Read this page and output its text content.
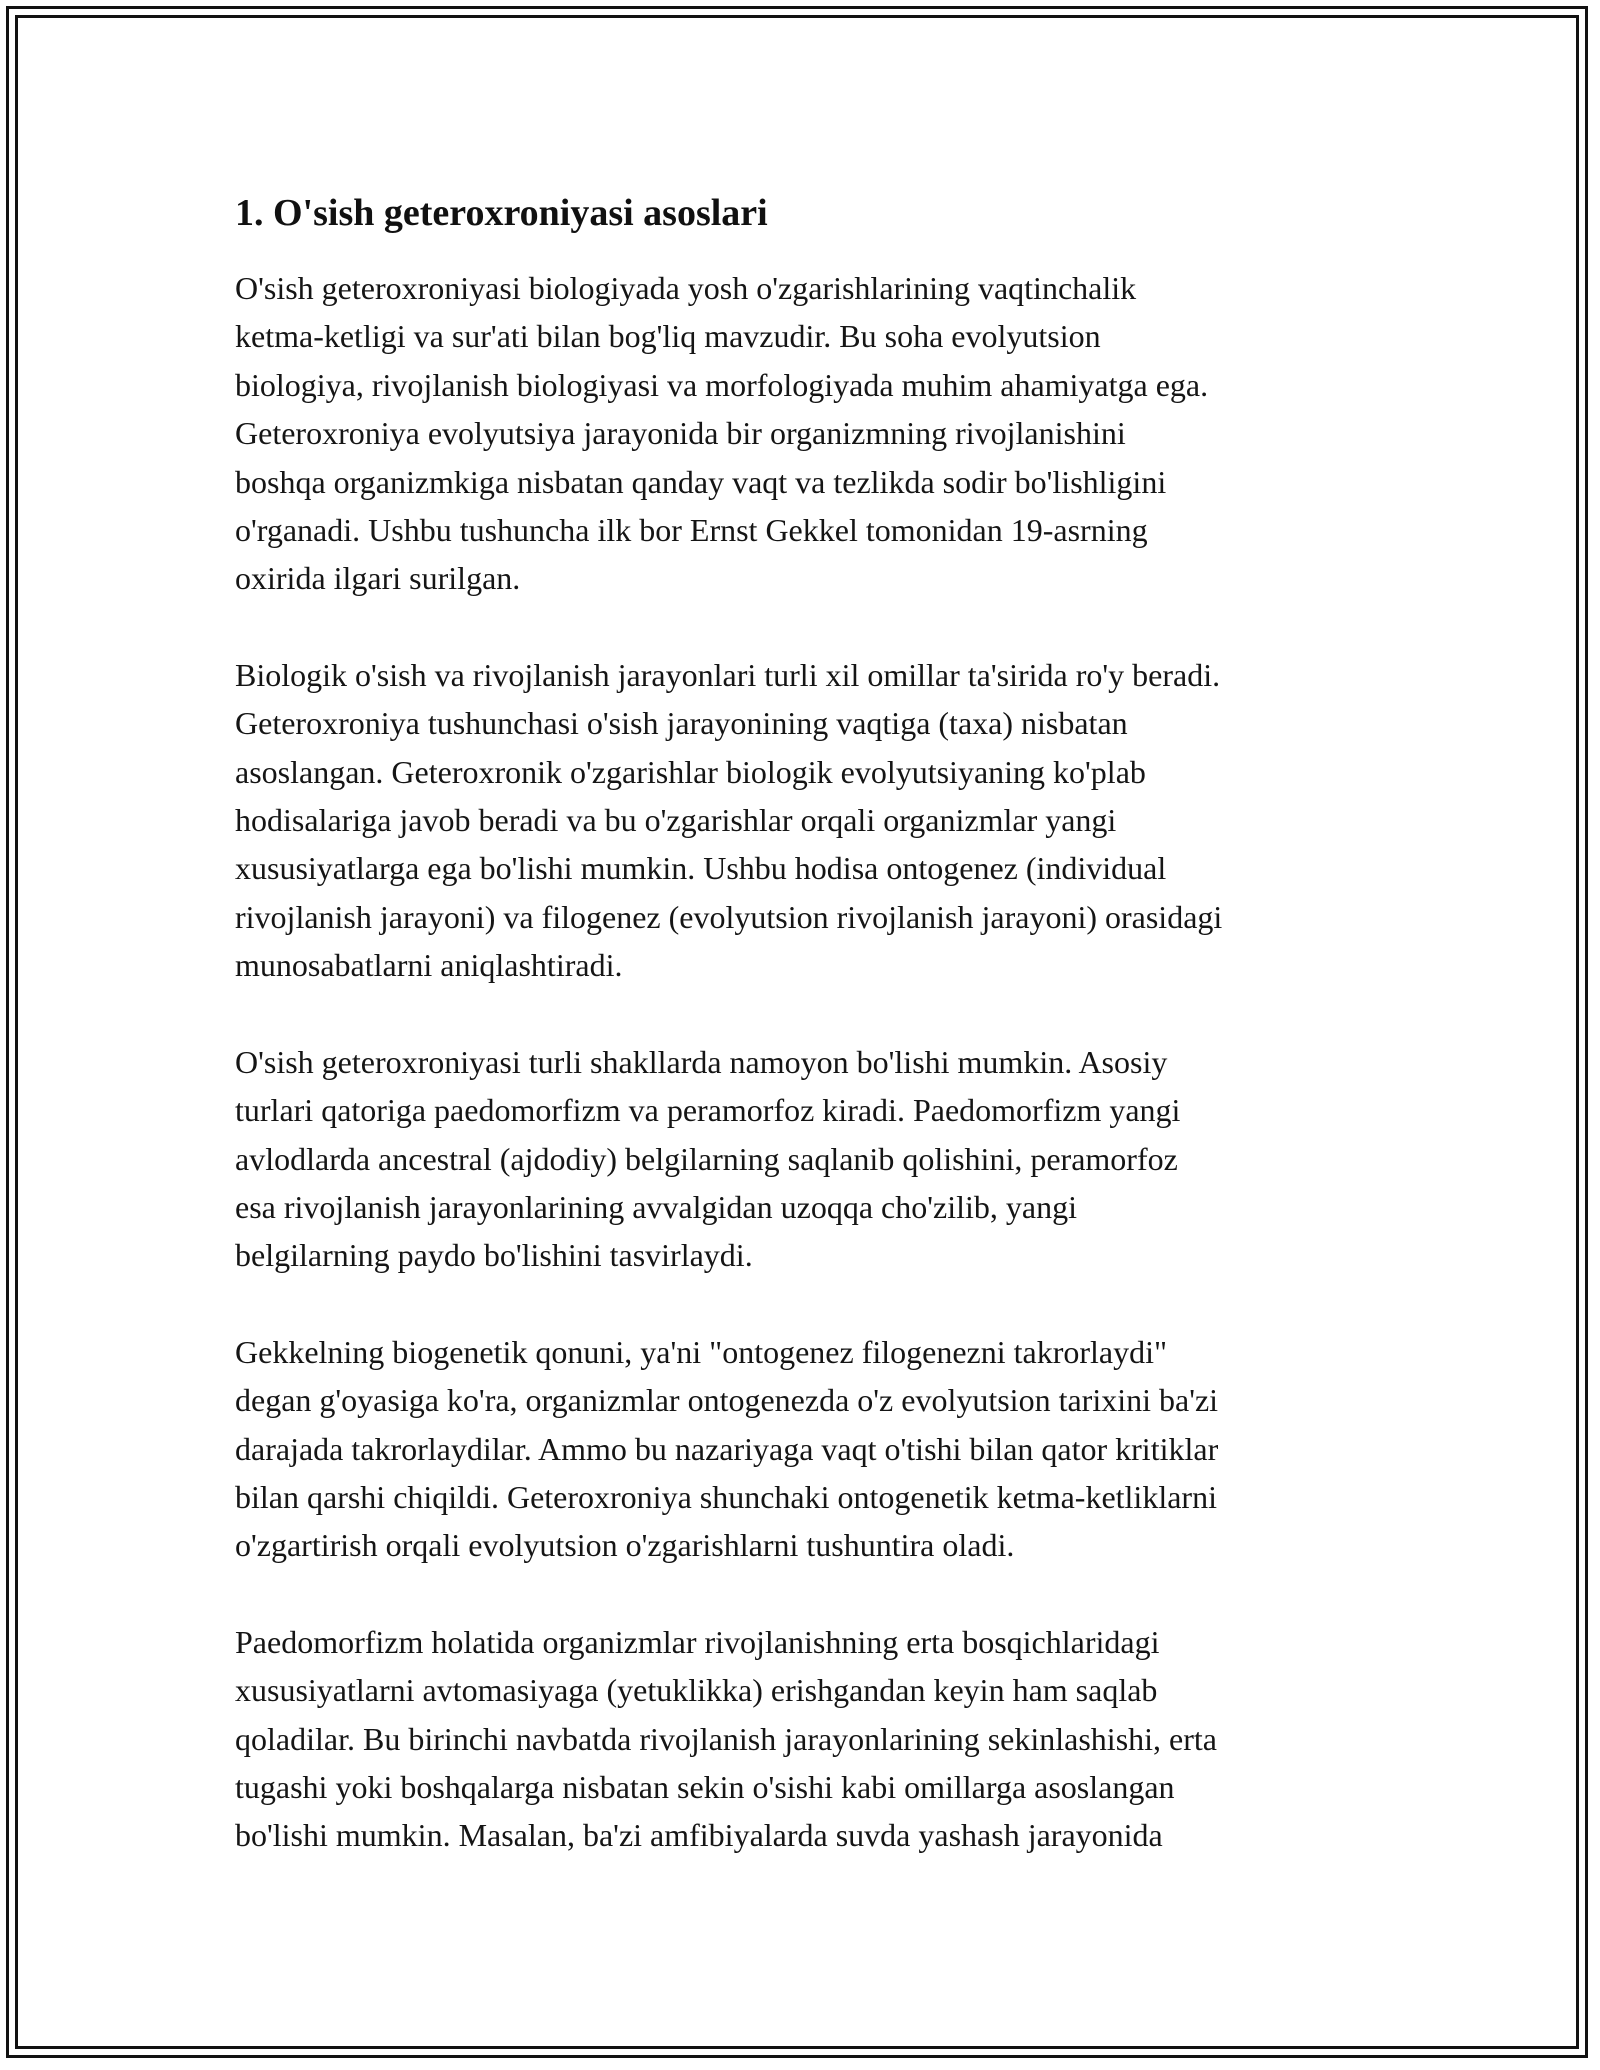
1. O'sish geteroxroniyasi asoslari

O'sish geteroxroniyasi biologiyada yosh o'zgarishlarining vaqtinchalik
ketma-ketligi va sur'ati bilan bog'liq mavzudir. Bu soha evolyutsion
biologiya, rivojlanish biologiyasi va morfologiyada muhim ahamiyatga ega.
Geteroxroniya evolyutsiya jarayonida bir organizmning rivojlanishini
boshqa organizmkiga nisbatan qanday vaqt va tezlikda sodir bo'lishligini
o'rganadi. Ushbu tushuncha ilk bor Ernst Gekkel tomonidan 19-asrning
oxirida ilgari surilgan.

Biologik o'sish va rivojlanish jarayonlari turli xil omillar ta'sirida ro'y beradi.
Geteroxroniya tushunchasi o'sish jarayonining vaqtiga (taxa) nisbatan
asoslangan. Geteroxronik o'zgarishlar biologik evolyutsiyaning ko'plab
hodisalariga javob beradi va bu o'zgarishlar orqali organizmlar yangi
xususiyatlarga ega bo'lishi mumkin. Ushbu hodisa ontogenez (individual
rivojlanish jarayoni) va filogenez (evolyutsion rivojlanish jarayoni) orasidagi
munosabatlarni aniqlashtiradi.

O'sish geteroxroniyasi turli shakllarda namoyon bo'lishi mumkin. Asosiy
turlari qatoriga paedomorfizm va peramorfoz kiradi. Paedomorfizm yangi
avlodlarda ancestral (ajdodiy) belgilarning saqlanib qolishini, peramorfoz
esa rivojlanish jarayonlarining avvalgidan uzoqqa cho'zilib, yangi
belgilarning paydo bo'lishini tasvirlaydi.

Gekkelning biogenetik qonuni, ya'ni "ontogenez filogenezni takrorlaydi"
degan g'oyasiga ko'ra, organizmlar ontogenezda o'z evolyutsion tarixini ba'zi
darajada takrorlaydilar. Ammo bu nazariyaga vaqt o'tishi bilan qator kritiklar
bilan qarshi chiqildi. Geteroxroniya shunchaki ontogenetik ketma-ketliklarni
o'zgartirish orqali evolyutsion o'zgarishlarni tushuntira oladi.

Paedomorfizm holatida organizmlar rivojlanishning erta bosqichlaridagi
xususiyatlarni avtomasiyaga (yetuklikka) erishgandan keyin ham saqlab
qoladilar. Bu birinchi navbatda rivojlanish jarayonlarining sekinlashishi, erta
tugashi yoki boshqalarga nisbatan sekin o'sishi kabi omillarga asoslangan
bo'lishi mumkin. Masalan, ba'zi amfibiyalarda suvda yashash jarayonida
